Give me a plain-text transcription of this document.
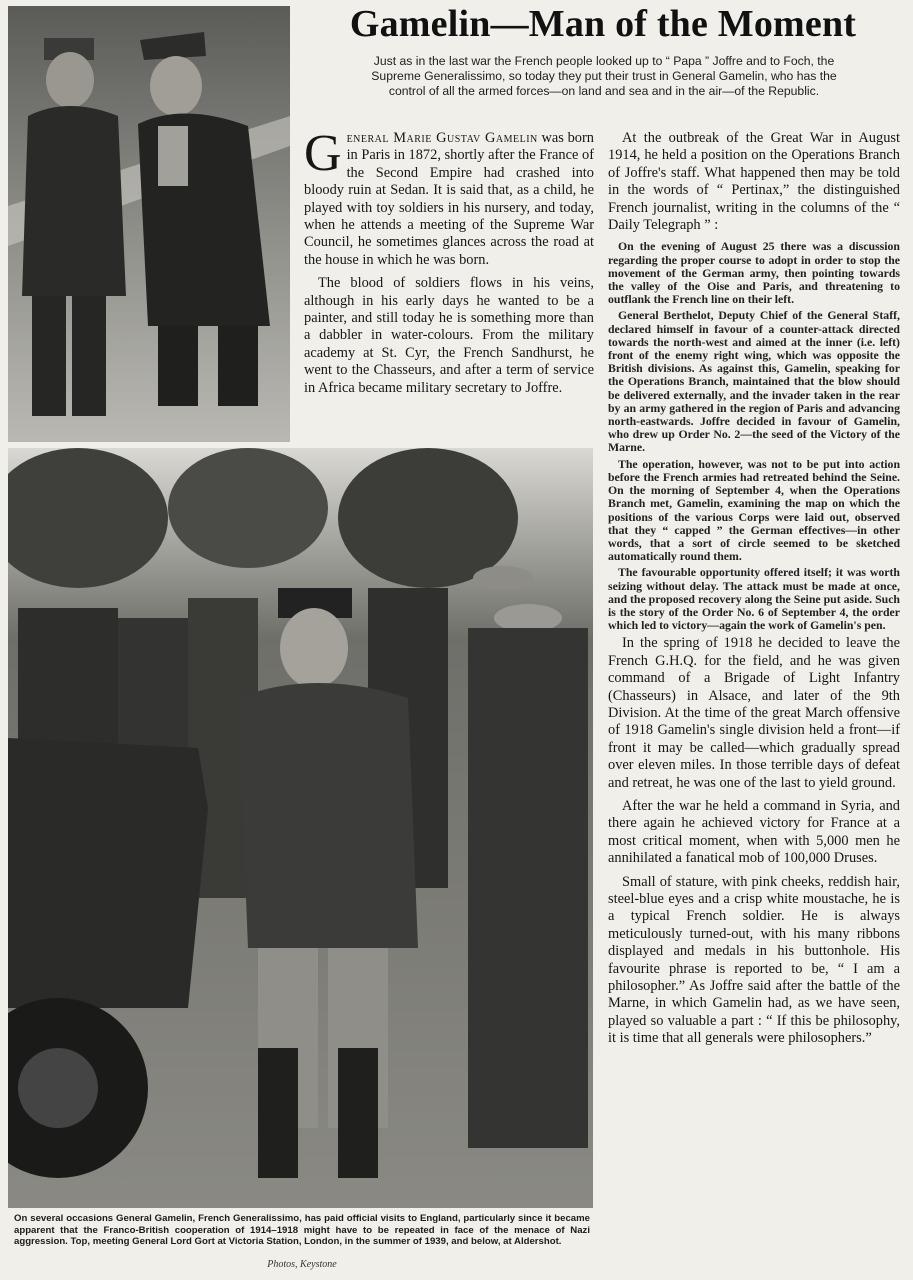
Gamelin—Man of the Moment
Just as in the last war the French people looked up to “ Papa ” Joffre and to Foch, the Supreme Generalissimo, so today they put their trust in General Gamelin, who has the control of all the armed forces—on land and sea and in the air—of the Republic.

General Marie Gustav Gamelin was born in Paris in 1872, shortly after the France of the Second Empire had crashed into bloody ruin at Sedan. It is said that, as a child, he played with toy soldiers in his nursery, and today, when he attends a meeting of the Supreme War Council, he sometimes glances across the road at the house in which he was born.

The blood of soldiers flows in his veins, although in his early days he wanted to be a painter, and still today he is something more than a dabbler in water-colours. From the military academy at St. Cyr, the French Sandhurst, he went to the Chasseurs, and after a term of service in Africa became military secretary to Joffre.

At the outbreak of the Great War in August 1914, he held a position on the Operations Branch of Joffre's staff. What happened then may be told in the words of “ Pertinax,” the distinguished French journalist, writing in the columns of the “ Daily Telegraph ” :

On the evening of August 25 there was a discussion regarding the proper course to adopt in order to stop the movement of the German army, then pointing towards the valley of the Oise and Paris, and threatening to outflank the French line on their left.

General Berthelot, Deputy Chief of the General Staff, declared himself in favour of a counter-attack directed towards the north-west and aimed at the inner (i.e. left) front of the enemy right wing, which was opposite the British divisions. As against this, Gamelin, speaking for the Operations Branch, maintained that the blow should be delivered externally, and the invader taken in the rear by an army gathered in the region of Paris and advancing north-eastwards. Joffre decided in favour of Gamelin, who drew up Order No. 2—the seed of the Victory of the Marne.

The operation, however, was not to be put into action before the French armies had retreated behind the Seine. On the morning of September 4, when the Operations Branch met, Gamelin, examining the map on which the positions of the various Corps were laid out, observed that they “ capped ” the German effectives—in other words, that a sort of circle seemed to be sketched automatically round them.

The favourable opportunity offered itself; it was worth seizing without delay. The attack must be made at once, and the proposed recovery along the Seine put aside. Such is the story of the Order No. 6 of September 4, the order which led to victory—again the work of Gamelin's pen.

In the spring of 1918 he decided to leave the French G.H.Q. for the field, and he was given command of a Brigade of Light Infantry (Chasseurs) in Alsace, and later of the 9th Division. At the time of the great March offensive of 1918 Gamelin's single division held a front—if front it may be called—which gradually spread over eleven miles. In those terrible days of defeat and retreat, he was one of the last to yield ground.

After the war he held a command in Syria, and there again he achieved victory for France at a most critical moment, when with 5,000 men he annihilated a fanatical mob of 100,000 Druses.

Small of stature, with pink cheeks, reddish hair, steel-blue eyes and a crisp white moustache, he is a typical French soldier. He is always meticulously turned-out, with his many ribbons displayed and medals in his buttonhole. His favourite phrase is reported to be, “ I am a philosopher.” As Joffre said after the battle of the Marne, in which Gamelin had, as we have seen, played so valuable a part : “ If this be philosophy, it is time that all generals were philosophers.”

On several occasions General Gamelin, French Generalissimo, has paid official visits to England, particularly since it became apparent that the Franco-British cooperation of 1914–1918 might have to be repeated in face of the menace of Nazi aggression. Top, meeting General Lord Gort at Victoria Station, London, in the summer of 1939, and below, at Aldershot.
Photos, Keystone
